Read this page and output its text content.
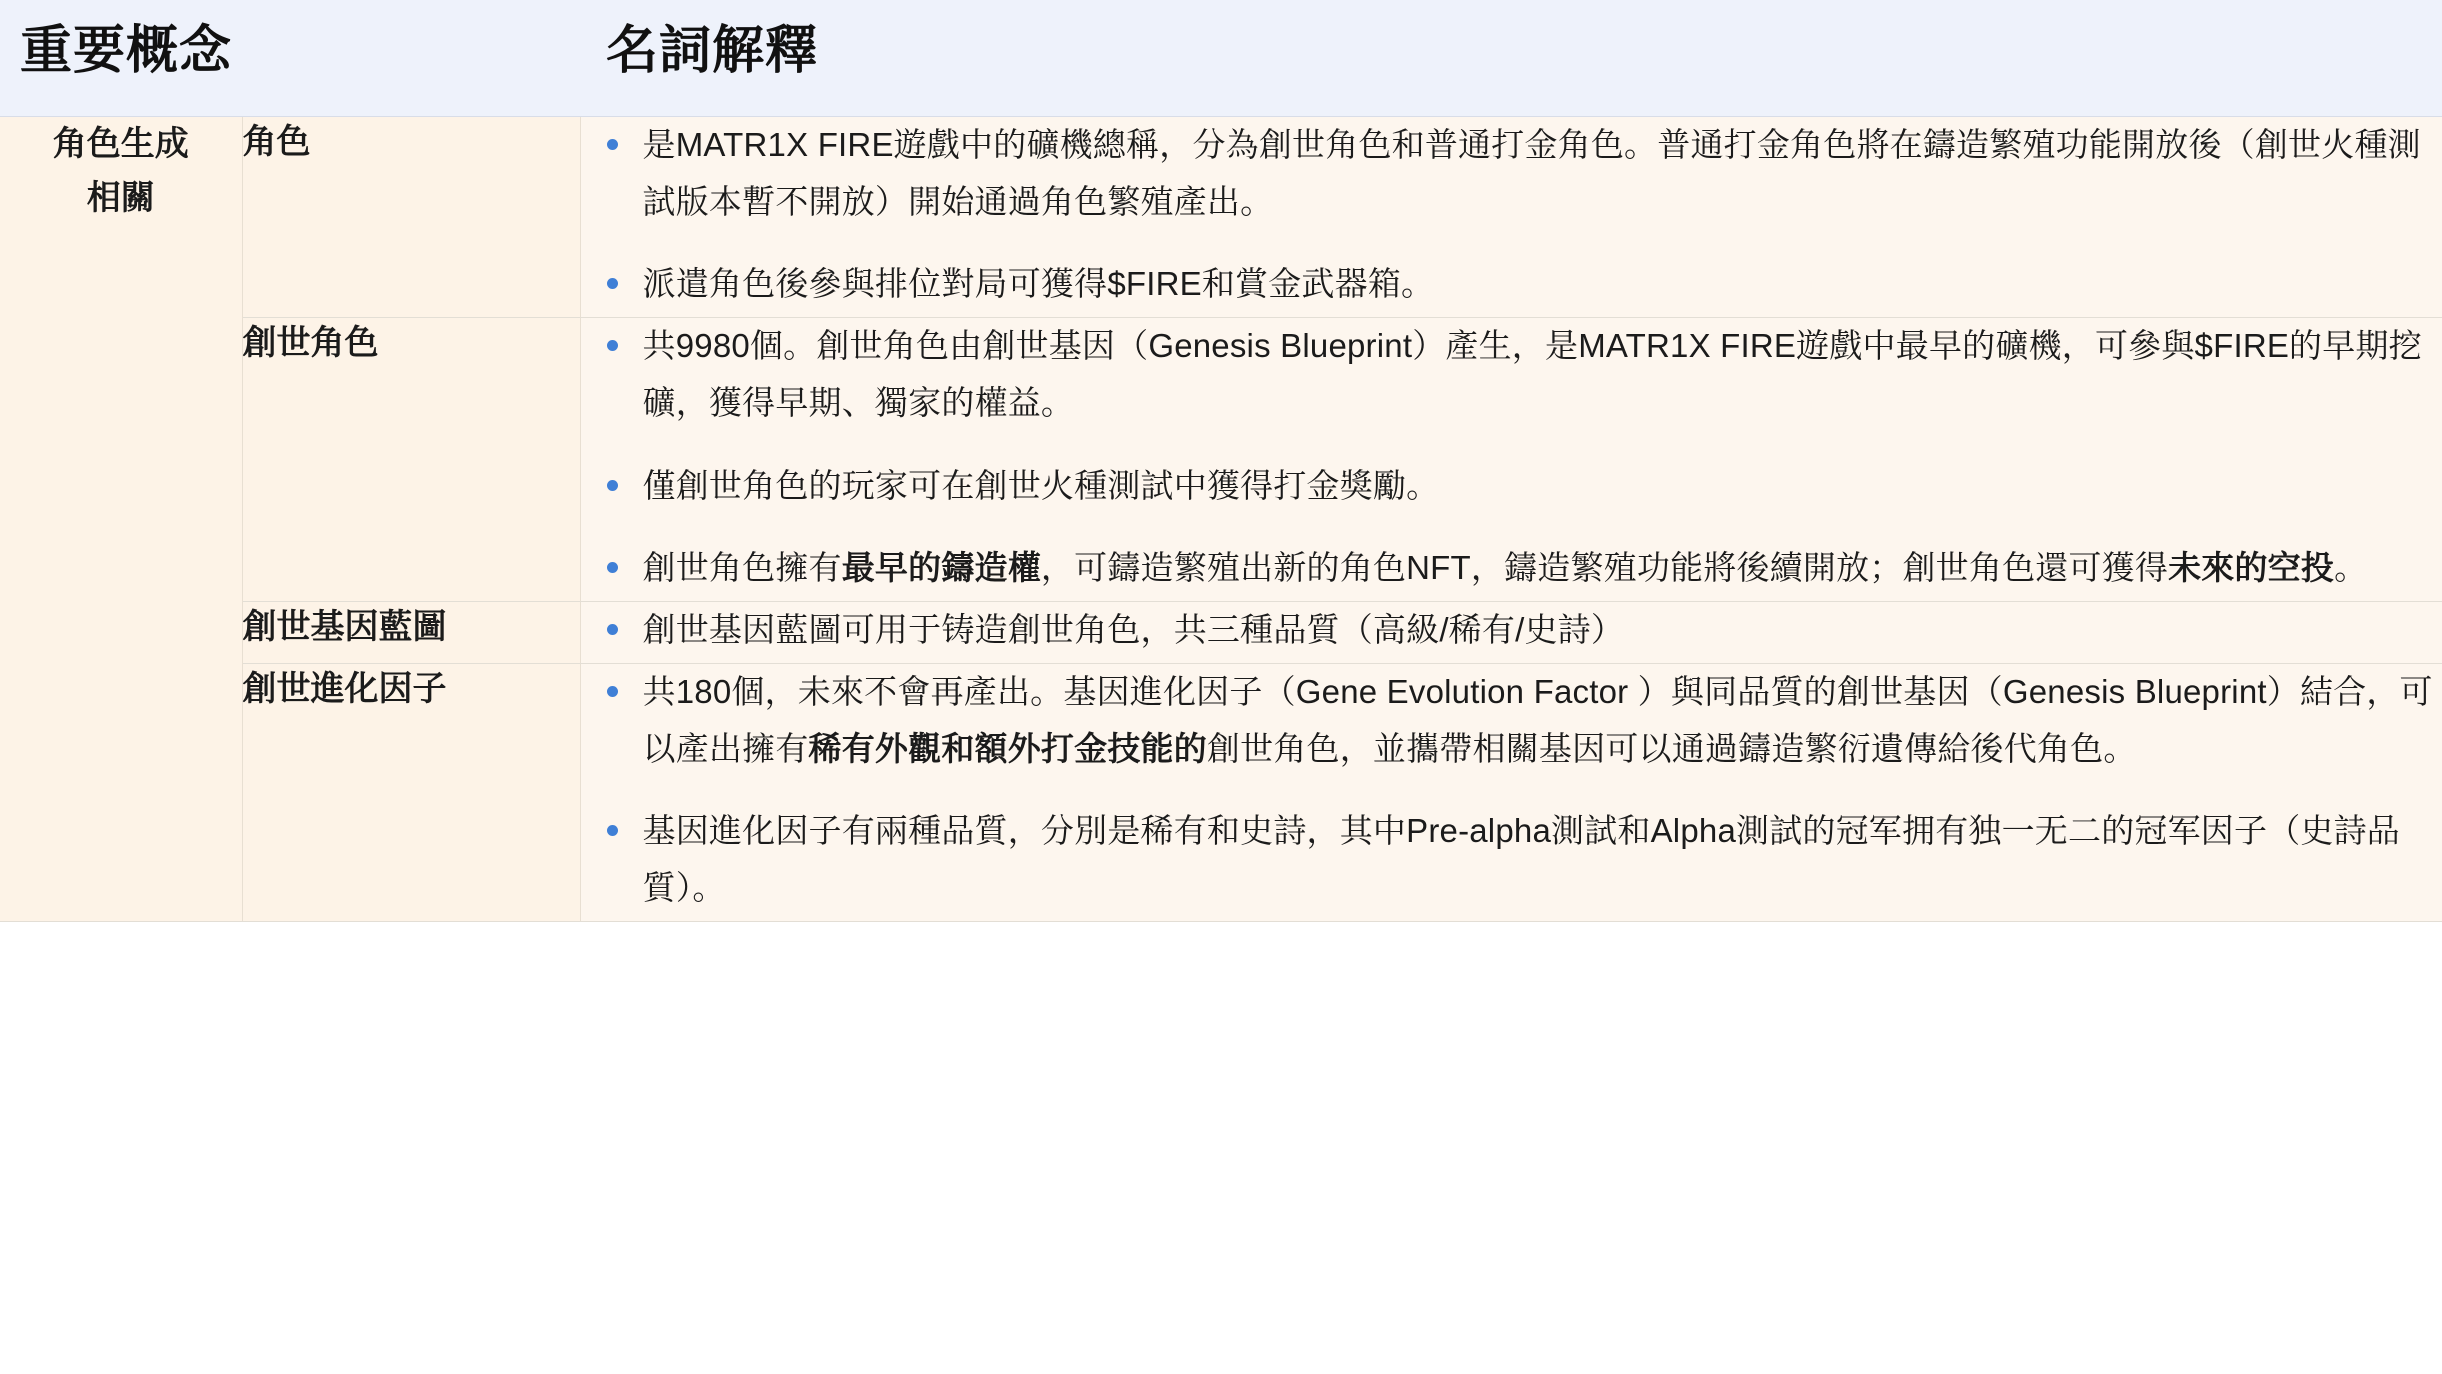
重要概念		名詞解釋

角色生成
相關
	角色	是MATR1X FIRE遊戲中的礦機總稱，分為創世角色和普通打金角色。普通打金角色將在鑄造繁殖功能開放後（創世火種測試版本暫不開放）開始通過角色繁殖產出。
派遣角色後參與排位對局可獲得$FIRE和賞金武器箱。

創世角色	共9980個。創世角色由創世基因（Genesis Blueprint）產生，是MATR1X FIRE遊戲中最早的礦機，可參與$FIRE的早期挖礦，獲得早期、獨家的權益。
僅創世角色的玩家可在創世火種測試中獲得打金獎勵。
創世角色擁有最早的鑄造權，可鑄造繁殖出新的角色NFT，鑄造繁殖功能將後續開放；創世角色還可獲得未來的空投。

創世基因藍圖	創世基因藍圖可用于铸造創世角色，共三種品質（高級/稀有/史詩）

創世進化因子	共180個，未來不會再產出。基因進化因子（Gene Evolution Factor ）與同品質的創世基因（Genesis Blueprint）結合，可以產出擁有稀有外觀和額外打金技能的創世角色，並攜帶相關基因可以通過鑄造繁衍遺傳給後代角色。
基因進化因子有兩種品質，分別是稀有和史詩，其中Pre-alpha測試和Alpha測試的冠军拥有独一无二的冠军因子（史詩品質）。
